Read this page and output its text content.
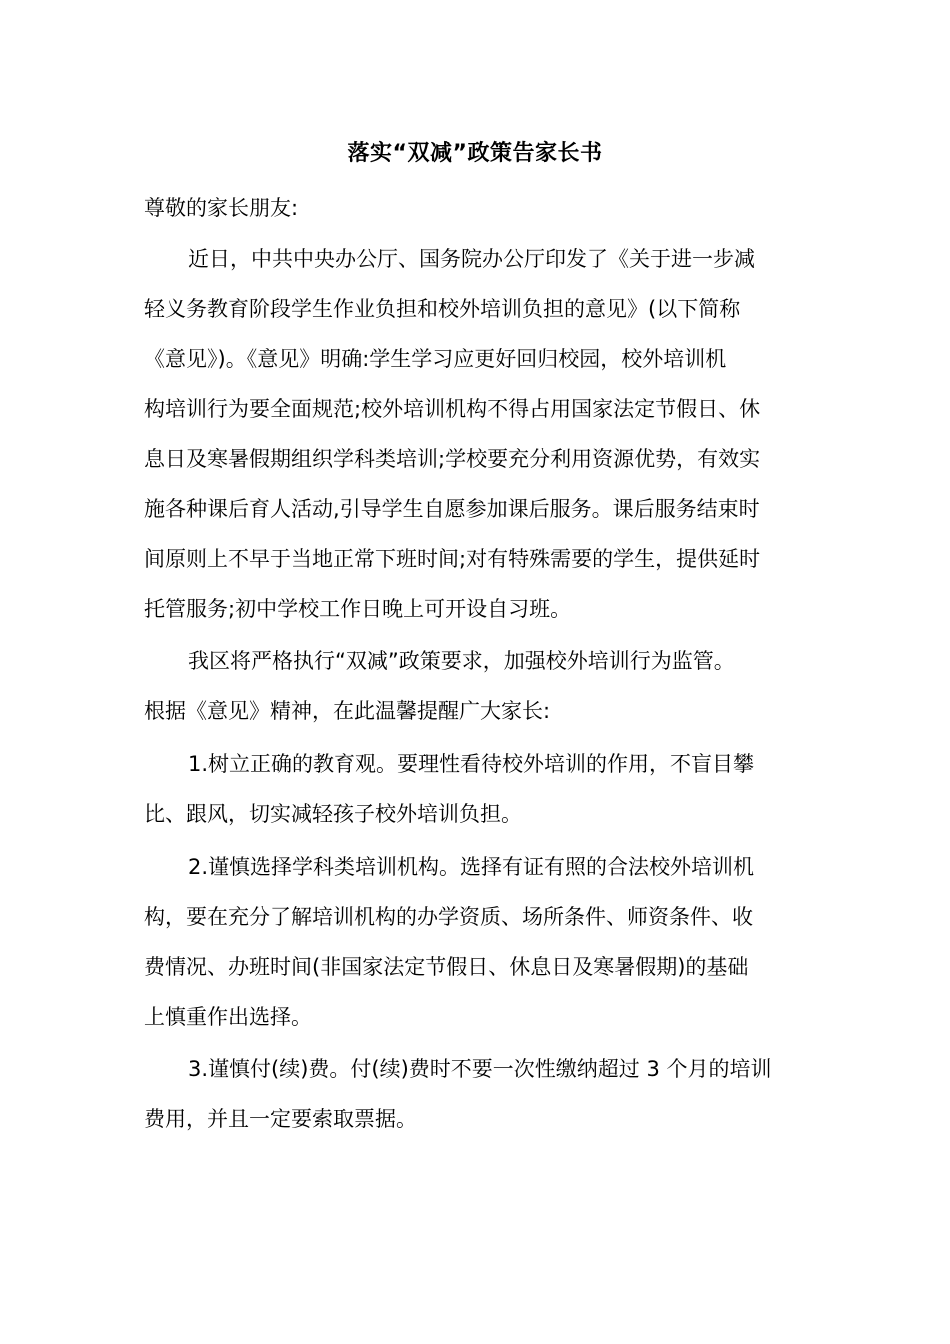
落实“双减”政策告家长书
尊敬的家长朋友:
近日，中共中央办公厅、国务院办公厅印发了《关于进一步减
轻义务教育阶段学生作业负担和校外培训负担的意见》(以下简称
《意见》)。《意见》明确:学生学习应更好回归校园，校外培训机
构培训行为要全面规范;校外培训机构不得占用国家法定节假日、休
息日及寒暑假期组织学科类培训;学校要充分利用资源优势，有效实
施各种课后育人活动,引导学生自愿参加课后服务。课后服务结束时
间原则上不早于当地正常下班时间;对有特殊需要的学生，提供延时
托管服务;初中学校工作日晚上可开设自习班。
我区将严格执行“双减”政策要求，加强校外培训行为监管。
根据《意见》精神，在此温馨提醒广大家长:
1.树立正确的教育观。要理性看待校外培训的作用，不盲目攀
比、跟风，切实减轻孩子校外培训负担。
2.谨慎选择学科类培训机构。选择有证有照的合法校外培训机
构，要在充分了解培训机构的办学资质、场所条件、师资条件、收
费情况、办班时间(非国家法定节假日、休息日及寒暑假期)的基础
上慎重作出选择。
3.谨慎付(续)费。付(续)费时不要一次性缴纳超过 3 个月的培训
费用，并且一定要索取票据。
